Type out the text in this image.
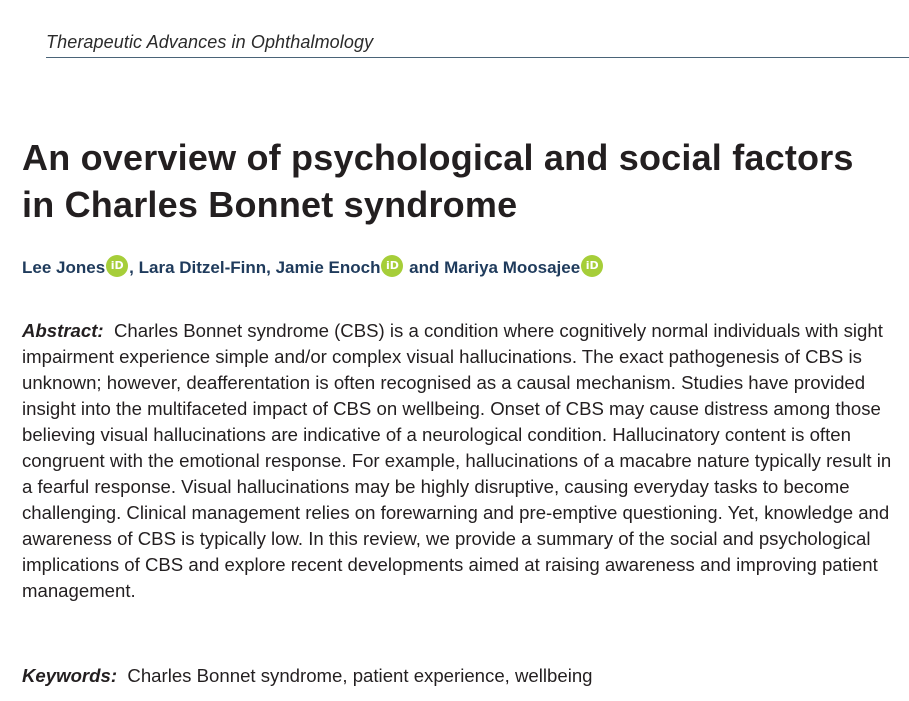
Therapeutic Advances in Ophthalmology
An overview of psychological and social factors in Charles Bonnet syndrome
Lee Jones iD , Lara Ditzel-Finn, Jamie Enoch iD and Mariya Moosajee iD

Abstract: Charles Bonnet syndrome (CBS) is a condition where cognitively normal individuals with sight impairment experience simple and/or complex visual hallucinations. The exact pathogenesis of CBS is unknown; however, deafferentation is often recognised as a causal mechanism. Studies have provided insight into the multifaceted impact of CBS on wellbeing. Onset of CBS may cause distress among those believing visual hallucinations are indicative of a neurological condition. Hallucinatory content is often congruent with the emotional response. For example, hallucinations of a macabre nature typically result in a fearful response. Visual hallucinations may be highly disruptive, causing everyday tasks to become challenging. Clinical management relies on forewarning and pre-emptive questioning. Yet, knowledge and awareness of CBS is typically low. In this review, we provide a summary of the social and psychological implications of CBS and explore recent developments aimed at raising awareness and improving patient management.

Keywords: Charles Bonnet syndrome, patient experience, wellbeing
